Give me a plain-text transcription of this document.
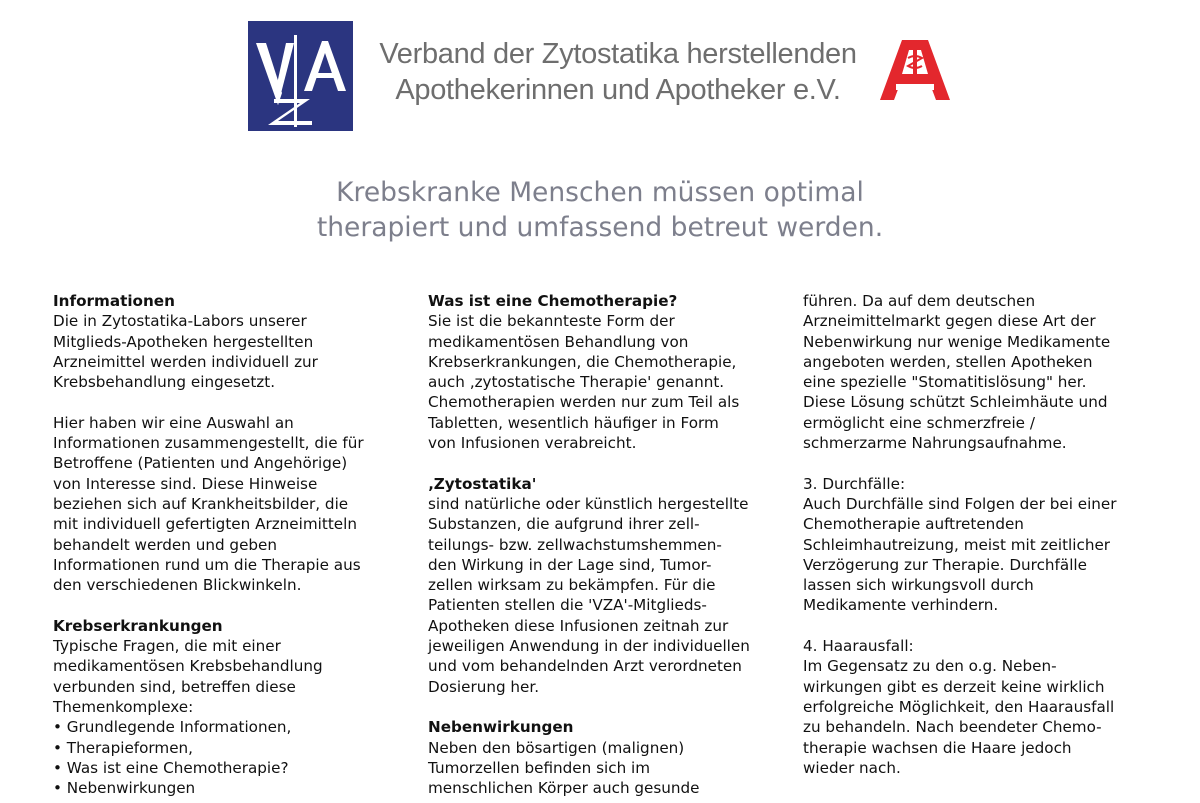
Verband der Zytostatika herstellenden
Apothekerinnen und Apotheker e.V.
Krebskranke Menschen müssen optimal
therapiert und umfassend betreut werden.
Informationen
Die in Zytostatika-Labors unserer
Mitglieds-Apotheken hergestellten
Arzneimittel werden individuell zur
Krebsbehandlung eingesetzt.
Hier haben wir eine Auswahl an
Informationen zusammengestellt, die für
Betroffene (Patienten und Angehörige)
von Interesse sind. Diese Hinweise
beziehen sich auf Krankheitsbilder, die
mit individuell gefertigten Arzneimitteln
behandelt werden und geben
Informationen rund um die Therapie aus
den verschiedenen Blickwinkeln.
Krebserkrankungen
Typische Fragen, die mit einer
medikamentösen Krebsbehandlung
verbunden sind, betreffen diese
Themenkomplexe:
• Grundlegende Informationen,
• Therapieformen,
• Was ist eine Chemotherapie?
• Nebenwirkungen
Was ist eine Chemotherapie?
Sie ist die bekannteste Form der
medikamentösen Behandlung von
Krebserkrankungen, die Chemotherapie,
auch ‚zytostatische Therapie' genannt.
Chemotherapien werden nur zum Teil als
Tabletten, wesentlich häufiger in Form
von Infusionen verabreicht.
‚Zytostatika'
sind natürliche oder künstlich hergestellte
Substanzen, die aufgrund ihrer zell-
teilungs- bzw. zellwachstumshemmen-
den Wirkung in der Lage sind, Tumor-
zellen wirksam zu bekämpfen. Für die
Patienten stellen die 'VZA'-Mitglieds-
Apotheken diese Infusionen zeitnah zur
jeweiligen Anwendung in der individuellen
und vom behandelnden Arzt verordneten
Dosierung her.
Nebenwirkungen
Neben den bösartigen (malignen)
Tumorzellen befinden sich im
menschlichen Körper auch gesunde
führen. Da auf dem deutschen
Arzneimittelmarkt gegen diese Art der
Nebenwirkung nur wenige Medikamente
angeboten werden, stellen Apotheken
eine spezielle "Stomatitislösung" her.
Diese Lösung schützt Schleimhäute und
ermöglicht eine schmerzfreie /
schmerzarme Nahrungsaufnahme.
3. Durchfälle:
Auch Durchfälle sind Folgen der bei einer
Chemotherapie auftretenden
Schleimhautreizung, meist mit zeitlicher
Verzögerung zur Therapie. Durchfälle
lassen sich wirkungsvoll durch
Medikamente verhindern.
4. Haarausfall:
Im Gegensatz zu den o.g. Neben-
wirkungen gibt es derzeit keine wirklich
erfolgreiche Möglichkeit, den Haarausfall
zu behandeln. Nach beendeter Chemo-
therapie wachsen die Haare jedoch
wieder nach.
